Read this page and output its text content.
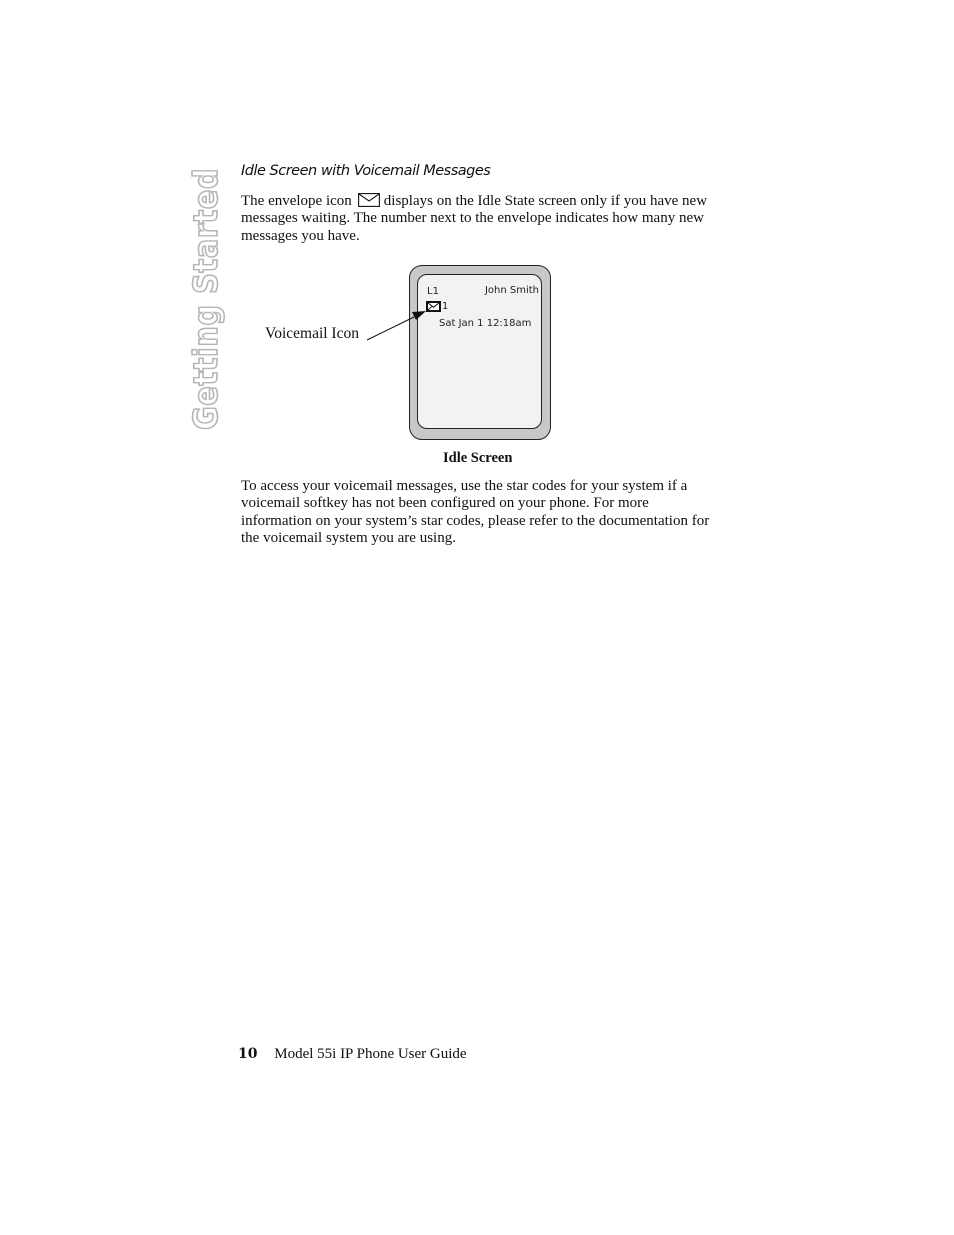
Getting Started Idle Screen with Voicemail Messages

The envelope icon displays on the Idle State screen only if you have new messages waiting. The number next to the envelope indicates how many new messages you have.

L1	John Smith
1
Sat Jan 1 12:18am
Voicemail Icon
Idle Screen

To access your voicemail messages, use the star codes for your system if a voicemail softkey has not been configured on your phone. For more information on your system’s star codes, please refer to the documentation for the voicemail system you are using.

10 Model 55i IP Phone User Guide
